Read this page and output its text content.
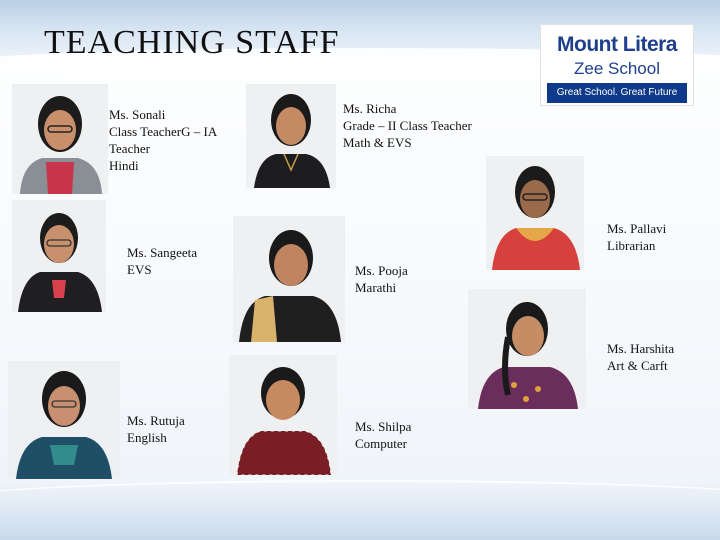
TEACHING STAFF	Mount Litera
Zee School
Great School. Great Future
Ms. Sonali
Class TeacherG – IA
Teacher
Hindi
Ms. Richa
Grade – II Class Teacher
Math & EVS
Ms. Pallavi
Librarian
Ms. Sangeeta
EVS	Ms. Pooja
Marathi
Ms. Harshita
Art & Carft
Ms. Rutuja
English
Ms. Shilpa
Computer
